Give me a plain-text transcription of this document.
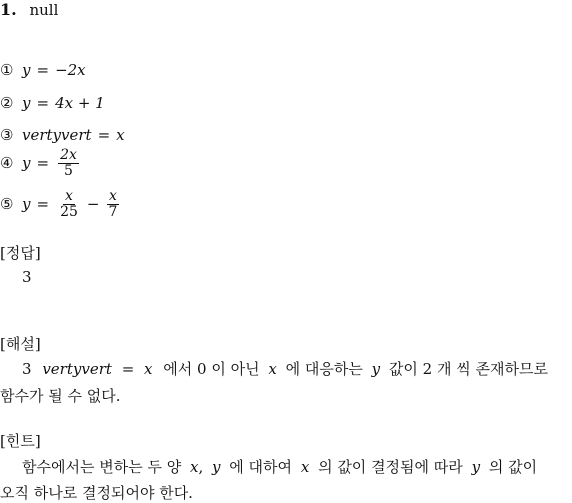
1. null
① y = −2x
② y = 4x + 1
③ vertyvert = x
④ $y = \frac{2x}{5}$
⑤ $y = \frac{x}{25} - \frac{x}{7}$
[정답]
3
[해설]
3 vertyvert = x 에서 0 이 아닌 x 에 대응하는 y 값이 2 개 씩 존재하므로
함수가 될 수 없다.
[힌트]
함수에서는 변하는 두 양 x, y 에 대하여 x 의 값이 결정됨에 따라 y 의 값이
오직 하나로 결정되어야 한다.
